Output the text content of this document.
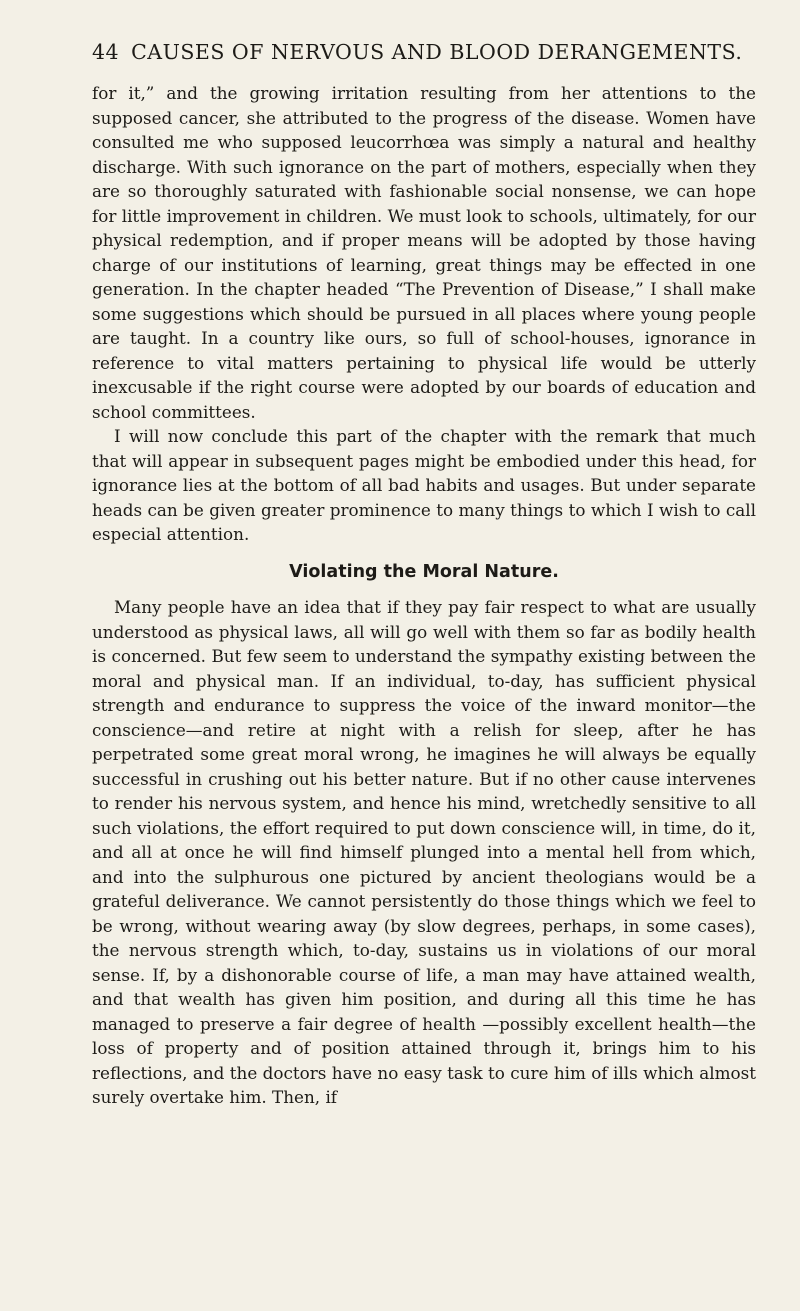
44 CAUSES OF NERVOUS AND BLOOD DERANGEMENTS.

for it,” and the growing irritation resulting from her attentions to the supposed cancer, she attributed to the progress of the disease. Women have consulted me who supposed leucorrhœa was simply a natural and healthy discharge. With such ignorance on the part of mothers, especially when they are so thoroughly saturated with fashionable social nonsense, we can hope for little improvement in children. We must look to schools, ultimately, for our physical redemption, and if proper means will be adopted by those having charge of our institutions of learning, great things may be effected in one generation. In the chapter headed “The Prevention of Disease,” I shall make some suggestions which should be pursued in all places where young people are taught. In a country like ours, so full of school-houses, ignorance in reference to vital matters pertaining to physical life would be utterly inexcusable if the right course were adopted by our boards of education and school committees.

I will now conclude this part of the chapter with the remark that much that will appear in subsequent pages might be embodied under this head, for ignorance lies at the bottom of all bad habits and usages. But under separate heads can be given greater prominence to many things to which I wish to call especial attention.

Violating the Moral Nature.

Many people have an idea that if they pay fair respect to what are usually understood as physical laws, all will go well with them so far as bodily health is concerned. But few seem to understand the sympathy existing between the moral and physical man. If an individual, to-day, has sufficient physical strength and endurance to suppress the voice of the inward monitor—the conscience—and retire at night with a relish for sleep, after he has perpetrated some great moral wrong, he imagines he will always be equally successful in crushing out his better nature. But if no other cause intervenes to render his nervous system, and hence his mind, wretchedly sensitive to all such violations, the effort required to put down conscience will, in time, do it, and all at once he will find himself plunged into a mental hell from which, and into the sulphurous one pictured by ancient theologians would be a grateful deliverance. We cannot persistently do those things which we feel to be wrong, without wearing away (by slow degrees, perhaps, in some cases), the nervous strength which, to-day, sustains us in violations of our moral sense. If, by a dishonorable course of life, a man may have attained wealth, and that wealth has given him position, and during all this time he has managed to preserve a fair degree of health —possibly excellent health—the loss of property and of position attained through it, brings him to his reflections, and the doctors have no easy task to cure him of ills which almost surely overtake him. Then, if
